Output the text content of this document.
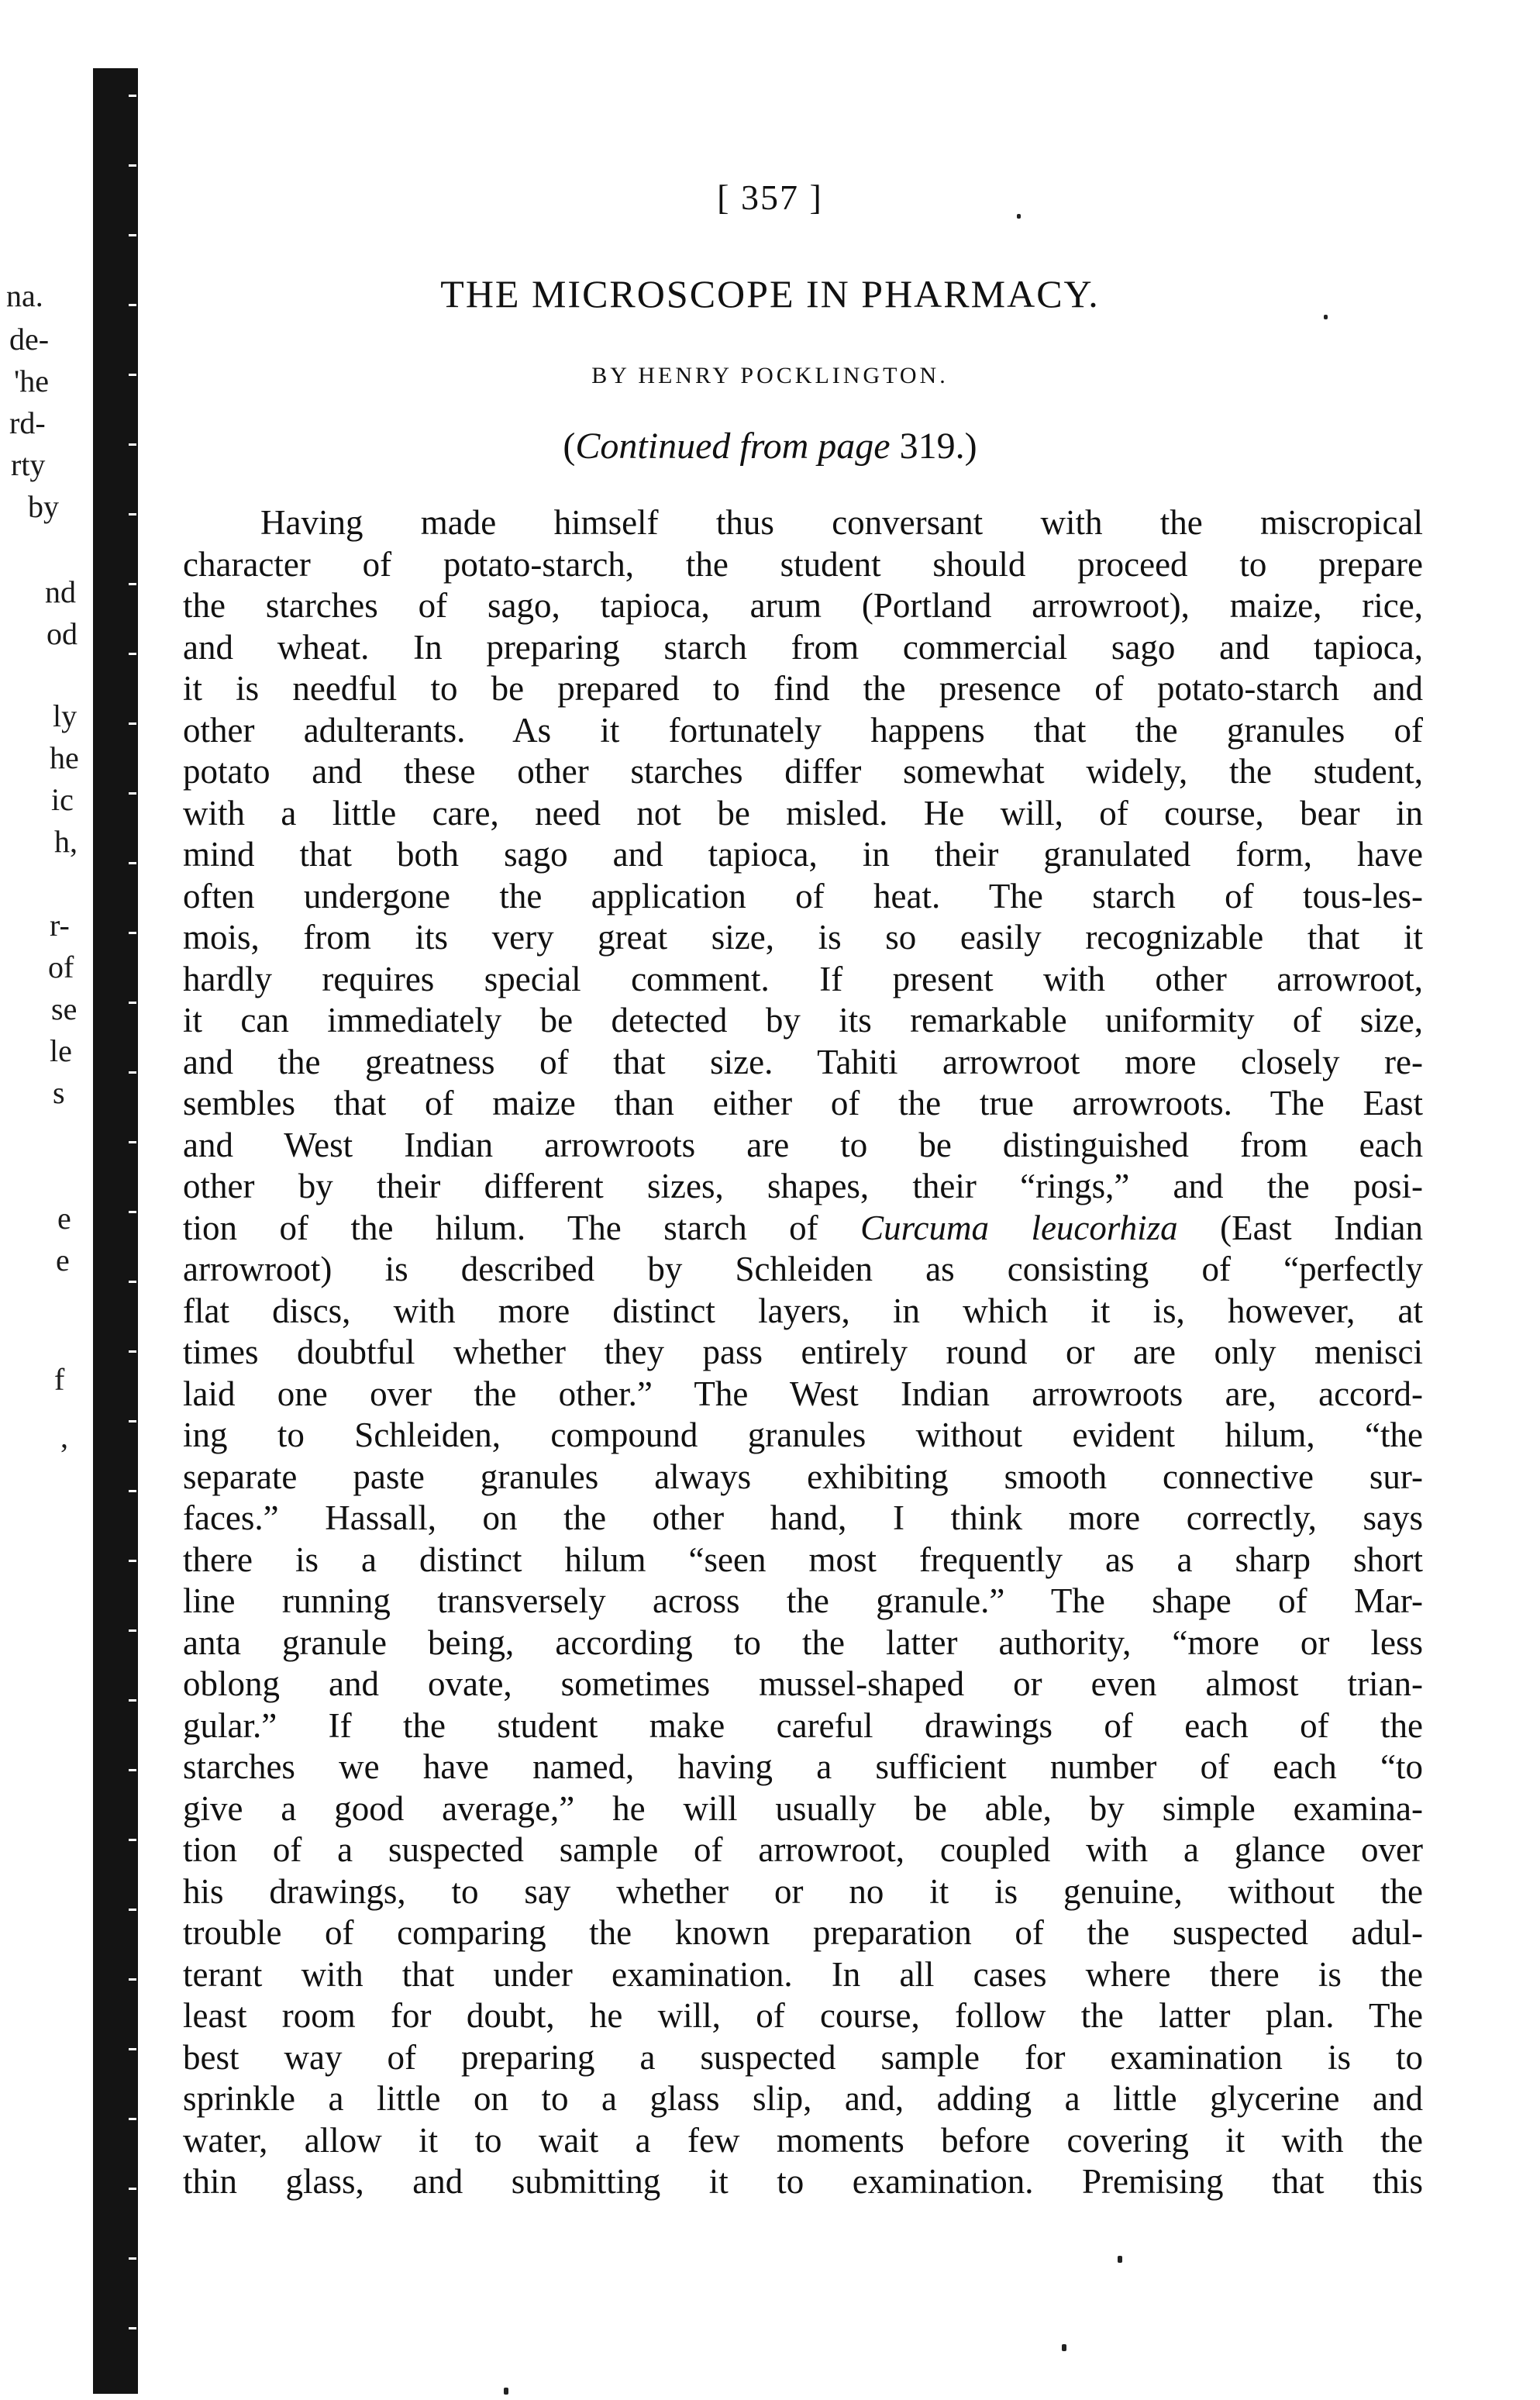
na.
de-
'he
rd-
rty
by
nd
od
ly
he
ic
h,
r-
of
se
le
s
e
e
f
,
[ 357 ]
THE MICROSCOPE IN PHARMACY.
BY HENRY POCKLINGTON.
(Continued from page 319.)
Having made himself thus conversant with the miscropical
character of potato-starch, the student should proceed to prepare
the starches of sago, tapioca, arum (Portland arrowroot), maize, rice,
and wheat. In preparing starch from commercial sago and tapioca,
it is needful to be prepared to find the presence of potato-starch and
other adulterants. As it fortunately happens that the granules of
potato and these other starches differ somewhat widely, the student,
with a little care, need not be misled. He will, of course, bear in
mind that both sago and tapioca, in their granulated form, have
often undergone the application of heat. The starch of tous-les-
mois, from its very great size, is so easily recognizable that it
hardly requires special comment. If present with other arrowroot,
it can immediately be detected by its remarkable uniformity of size,
and the greatness of that size. Tahiti arrowroot more closely re-
sembles that of maize than either of the true arrowroots. The East
and West Indian arrowroots are to be distinguished from each
other by their different sizes, shapes, their “rings,” and the posi-
tion of the hilum. The starch of Curcuma leucorhiza (East Indian
arrowroot) is described by Schleiden as consisting of “perfectly
flat discs, with more distinct layers, in which it is, however, at
times doubtful whether they pass entirely round or are only menisci
laid one over the other.” The West Indian arrowroots are, accord-
ing to Schleiden, compound granules without evident hilum, “the
separate paste granules always exhibiting smooth connective sur-
faces.” Hassall, on the other hand, I think more correctly, says
there is a distinct hilum “seen most frequently as a sharp short
line running transversely across the granule.” The shape of Mar-
anta granule being, according to the latter authority, “more or less
oblong and ovate, sometimes mussel-shaped or even almost trian-
gular.” If the student make careful drawings of each of the
starches we have named, having a sufficient number of each “to
give a good average,” he will usually be able, by simple examina-
tion of a suspected sample of arrowroot, coupled with a glance over
his drawings, to say whether or no it is genuine, without the
trouble of comparing the known preparation of the suspected adul-
terant with that under examination. In all cases where there is the
least room for doubt, he will, of course, follow the latter plan. The
best way of preparing a suspected sample for examination is to
sprinkle a little on to a glass slip, and, adding a little glycerine and
water, allow it to wait a few moments before covering it with the
thin glass, and submitting it to examination. Premising that this
